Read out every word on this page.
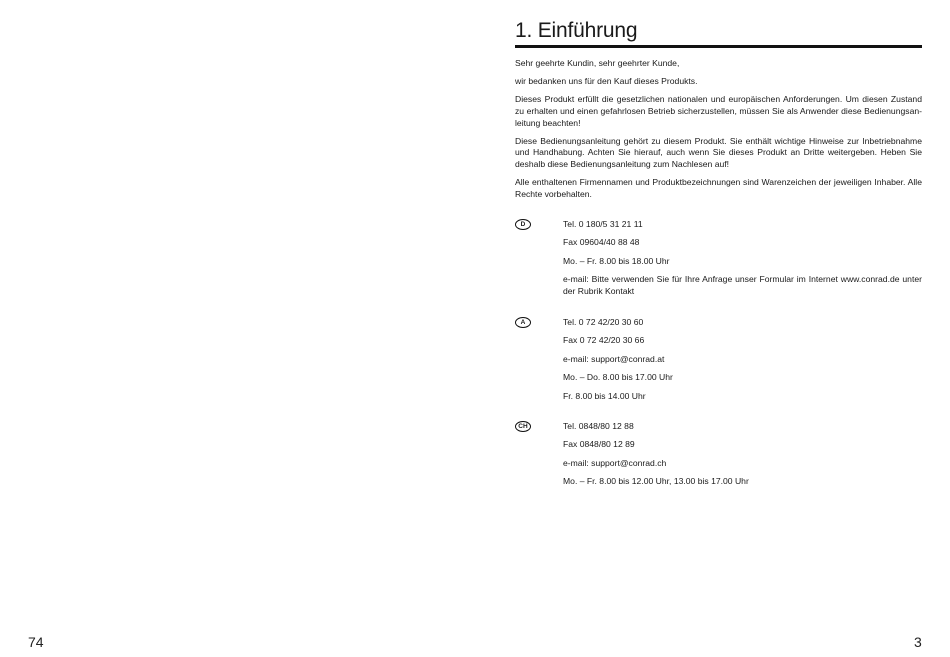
74
1. Einführung

Sehr geehrte Kundin, sehr geehrter Kunde,

wir bedanken uns für den Kauf dieses Produkts.

Dieses Produkt erfüllt die gesetzlichen nationalen und europäischen Anforderungen. Um diesen Zustand zu erhalten und einen gefahrlosen Betrieb sicherzustellen, müssen Sie als Anwender diese Bedienungsan-leitung beachten!

Diese Bedienungsanleitung gehört zu diesem Produkt. Sie enthält wichtige Hinweise zur Inbetriebnahme und Handhabung. Achten Sie hierauf, auch wenn Sie dieses Produkt an Dritte weitergeben. Heben Sie deshalb diese Bedienungsanleitung zum Nachlesen auf!

Alle enthaltenen Firmennamen und Produktbezeichnungen sind Warenzeichen der jeweiligen Inhaber. Alle Rechte vorbehalten.

D	Tel. 0 180/5 31 21 11
Fax 09604/40 88 48
Mo. – Fr. 8.00 bis 18.00 Uhr
e-mail: Bitte verwenden Sie für Ihre Anfrage unser Formular im Internet www.conrad.de unter der Rubrik Kontakt
A	Tel. 0 72 42/20 30 60
Fax 0 72 42/20 30 66
e-mail: support@conrad.at
Mo. – Do. 8.00 bis 17.00 Uhr
Fr. 8.00 bis 14.00 Uhr
CH	Tel. 0848/80 12 88
Fax 0848/80 12 89
e-mail: support@conrad.ch
Mo. – Fr. 8.00 bis 12.00 Uhr, 13.00 bis 17.00 Uhr
3
